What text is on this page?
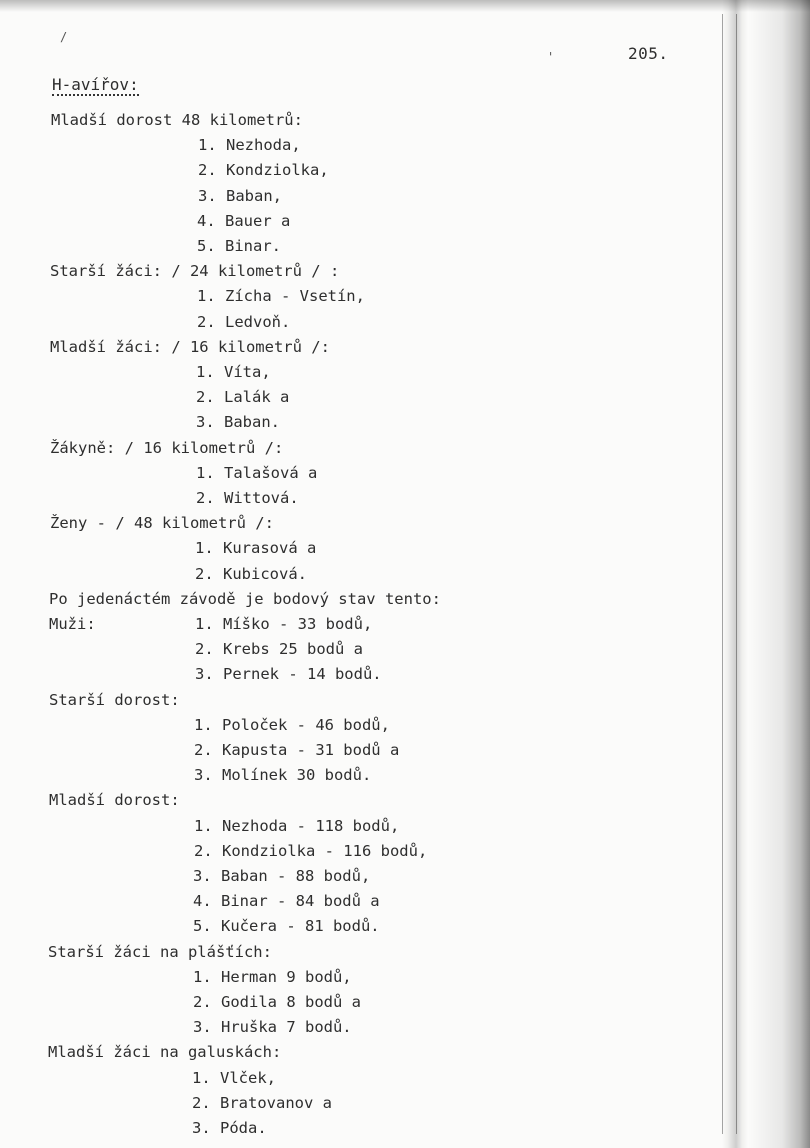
/
'	205.
H-avířov:
Mladší dorost 48 kilometrů:
1. Nezhoda,
2. Kondziolka,
3. Baban,
4. Bauer a
5. Binar.
Starší žáci: / 24 kilometrů / :
1. Zícha - Vsetín,
2. Ledvoň.
Mladší žáci: / 16 kilometrů /:
1. Víta,
2. Lalák a
3. Baban.
Žákyně: / 16 kilometrů /:
1. Talašová a
2. Wittová.
Ženy - / 48 kilometrů /:
1. Kurasová a
2. Kubicová.
Po jedenáctém závodě je bodový stav tento:
Muži:	1. Míško - 33 bodů,
2. Krebs 25 bodů a
3. Pernek - 14 bodů.
Starší dorost:
1. Poloček - 46 bodů,
2. Kapusta - 31 bodů a
3. Molínek 30 bodů.
Mladší dorost:
1. Nezhoda - 118 bodů,
2. Kondziolka - 116 bodů,
3. Baban - 88 bodů,
4. Binar - 84 bodů a
5. Kučera - 81 bodů.
Starší žáci na plášťích:
1. Herman 9 bodů,
2. Godila 8 bodů a
3. Hruška 7 bodů.
Mladší žáci na galuskách:
1. Vlček,
2. Bratovanov a
3. Póda.
